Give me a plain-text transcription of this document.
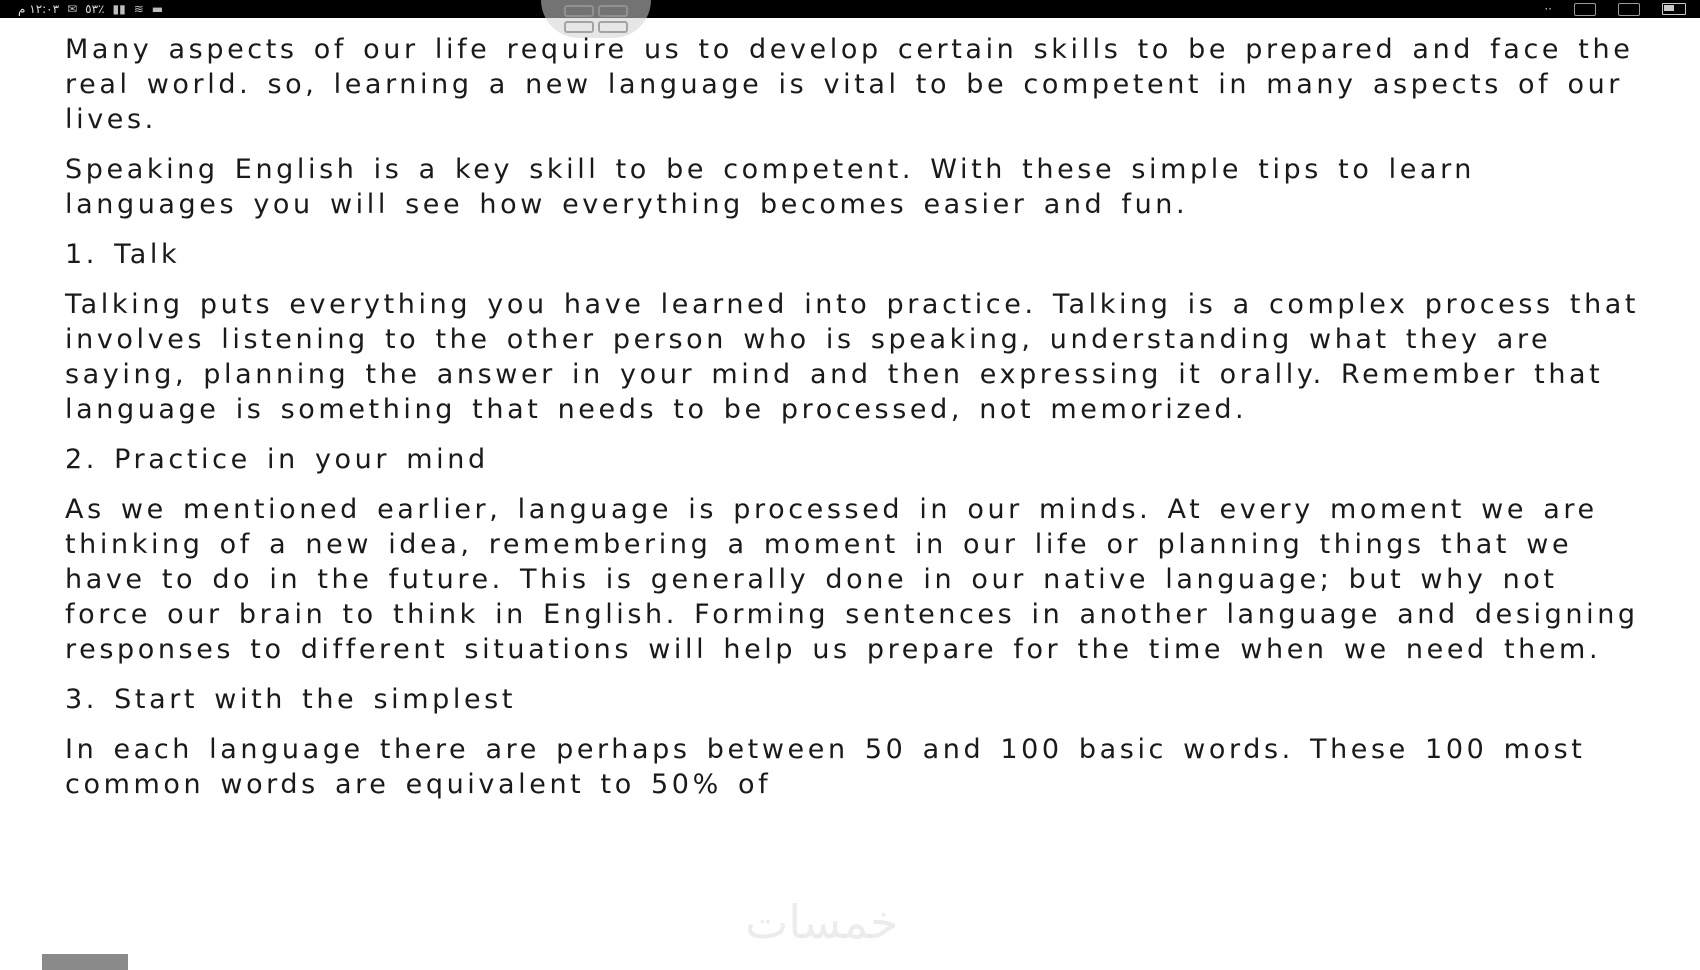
١٢:٠٣ م ✉ ٥٣٪ ▮▮ ≋ ▬	··

Many aspects of our life require us to develop certain skills to be prepared and face the real world. so, learning a new language is vital to be competent in many aspects of our lives.

Speaking English is a key skill to be competent. With these simple tips to learn languages you will see how everything becomes easier and fun.

1. Talk

Talking puts everything you have learned into practice. Talking is a complex process that involves listening to the other person who is speaking, understanding what they are saying, planning the answer in your mind and then expressing it orally. Remember that language is something that needs to be processed, not memorized.

2. Practice in your mind

As we mentioned earlier, language is processed in our minds. At every moment we are thinking of a new idea, remembering a moment in our life or planning things that we have to do in the future. This is generally done in our native language; but why not force our brain to think in English. Forming sentences in another language and designing responses to different situations will help us prepare for the time when we need them.

3. Start with the simplest

In each language there are perhaps between 50 and 100 basic words. These 100 most common words are equivalent to 50% of

خمسات
